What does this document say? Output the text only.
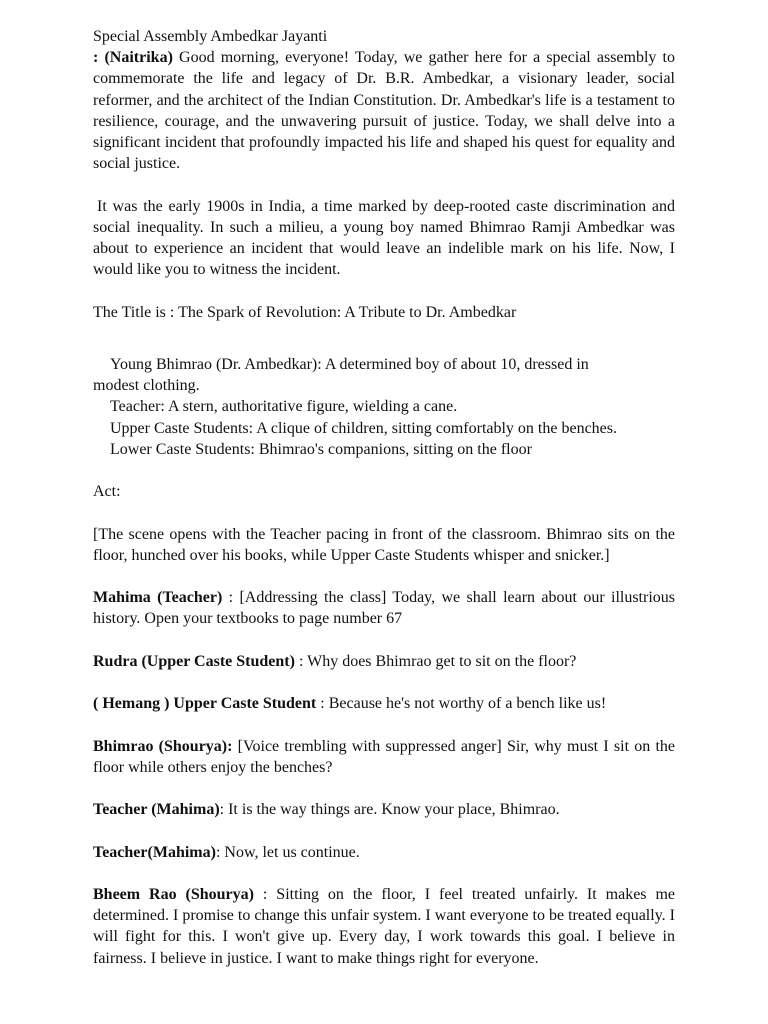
Special Assembly Ambedkar Jayanti

: (Naitrika) Good morning, everyone! Today, we gather here for a special assembly to commemorate the life and legacy of Dr. B.R. Ambedkar, a visionary leader, social reformer, and the architect of the Indian Constitution. Dr. Ambedkar's life is a testament to resilience, courage, and the unwavering pursuit of justice. Today, we shall delve into a significant incident that profoundly impacted his life and shaped his quest for equality and social justice.

It was the early 1900s in India, a time marked by deep-rooted caste discrimination and social inequality. In such a milieu, a young boy named Bhimrao Ramji Ambedkar was about to experience an incident that would leave an indelible mark on his life. Now, I would like you to witness the incident.

The Title is : The Spark of Revolution: A Tribute to Dr. Ambedkar

Young Bhimrao (Dr. Ambedkar): A determined boy of about 10, dressed in
modest clothing.
Teacher: A stern, authoritative figure, wielding a cane.
Upper Caste Students: A clique of children, sitting comfortably on the benches.
Lower Caste Students: Bhimrao's companions, sitting on the floor

Act:

[The scene opens with the Teacher pacing in front of the classroom. Bhimrao sits on the floor, hunched over his books, while Upper Caste Students whisper and snicker.]

Mahima (Teacher) : [Addressing the class] Today, we shall learn about our illustrious history. Open your textbooks to page number 67

Rudra (Upper Caste Student) : Why does Bhimrao get to sit on the floor?

( Hemang ) Upper Caste Student : Because he's not worthy of a bench like us!

Bhimrao (Shourya): [Voice trembling with suppressed anger] Sir, why must I sit on the floor while others enjoy the benches?

Teacher (Mahima): It is the way things are. Know your place, Bhimrao.

Teacher(Mahima): Now, let us continue.

Bheem Rao (Shourya) : Sitting on the floor, I feel treated unfairly. It makes me determined. I promise to change this unfair system. I want everyone to be treated equally. I will fight for this. I won't give up. Every day, I work towards this goal. I believe in fairness. I believe in justice. I want to make things right for everyone.
